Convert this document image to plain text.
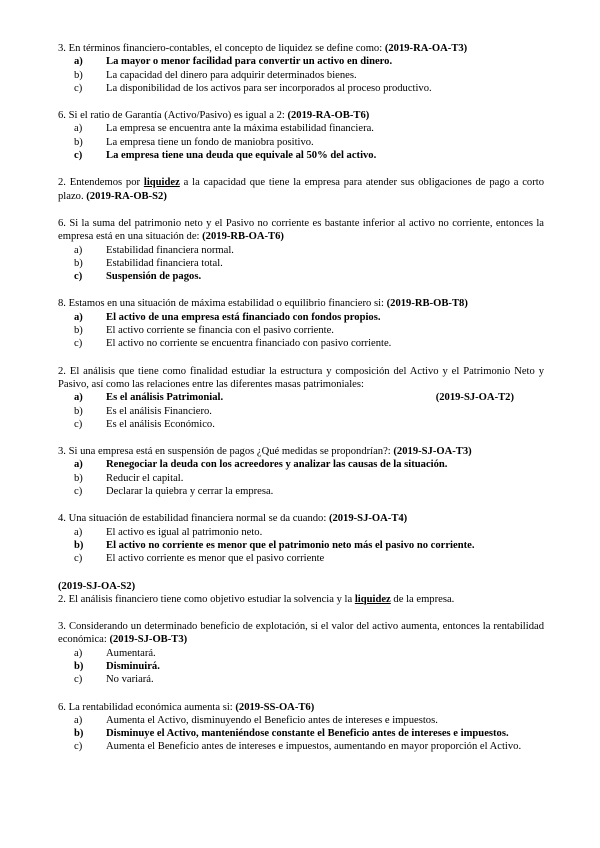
3. En términos financiero-contables, el concepto de liquidez se define como: (2019-RA-OA-T3)

a) La mayor o menor facilidad para convertir un activo en dinero.
b) La capacidad del dinero para adquirir determinados bienes.
c) La disponibilidad de los activos para ser incorporados al proceso productivo.

6. Si el ratio de Garantía (Activo/Pasivo) es igual a 2: (2019-RA-OB-T6)

a) La empresa se encuentra ante la máxima estabilidad financiera.
b) La empresa tiene un fondo de maniobra positivo.
c) La empresa tiene una deuda que equivale al 50% del activo.

2. Entendemos por liquidez a la capacidad que tiene la empresa para atender sus obligaciones de pago a corto plazo. (2019-RA-OB-S2)

6. Si la suma del patrimonio neto y el Pasivo no corriente es bastante inferior al activo no corriente, entonces la empresa está en una situación de: (2019-RB-OA-T6)

a) Estabilidad financiera normal.
b) Estabilidad financiera total.
c) Suspensión de pagos.

8. Estamos en una situación de máxima estabilidad o equilibrio financiero si: (2019-RB-OB-T8)

a) El activo de una empresa está financiado con fondos propios.
b) El activo corriente se financia con el pasivo corriente.
c) El activo no corriente se encuentra financiado con pasivo corriente.

2. El análisis que tiene como finalidad estudiar la estructura y composición del Activo y el Patrimonio Neto y Pasivo, así como las relaciones entre las diferentes masas patrimoniales:

a) Es el análisis Patrimonial.	(2019-SJ-OA-T2)
b) Es el análisis Financiero.
c) Es el análisis Económico.

3. Si una empresa está en suspensión de pagos ¿Qué medidas se propondrían?: (2019-SJ-OA-T3)

a) Renegociar la deuda con los acreedores y analizar las causas de la situación.
b) Reducir el capital.
c) Declarar la quiebra y cerrar la empresa.

4. Una situación de estabilidad financiera normal se da cuando: (2019-SJ-OA-T4)

a) El activo es igual al patrimonio neto.
b) El activo no corriente es menor que el patrimonio neto más el pasivo no corriente.
c) El activo corriente es menor que el pasivo corriente

(2019-SJ-OA-S2)
2. El análisis financiero tiene como objetivo estudiar la solvencia y la liquidez de la empresa.

3. Considerando un determinado beneficio de explotación, si el valor del activo aumenta, entonces la rentabilidad económica: (2019-SJ-OB-T3)

a) Aumentará.
b) Disminuirá.
c) No variará.

6. La rentabilidad económica aumenta si: (2019-SS-OA-T6)

a) Aumenta el Activo, disminuyendo el Beneficio antes de intereses e impuestos.
b) Disminuye el Activo, manteniéndose constante el Beneficio antes de intereses e impuestos.
c) Aumenta el Beneficio antes de intereses e impuestos, aumentando en mayor proporción el Activo.
